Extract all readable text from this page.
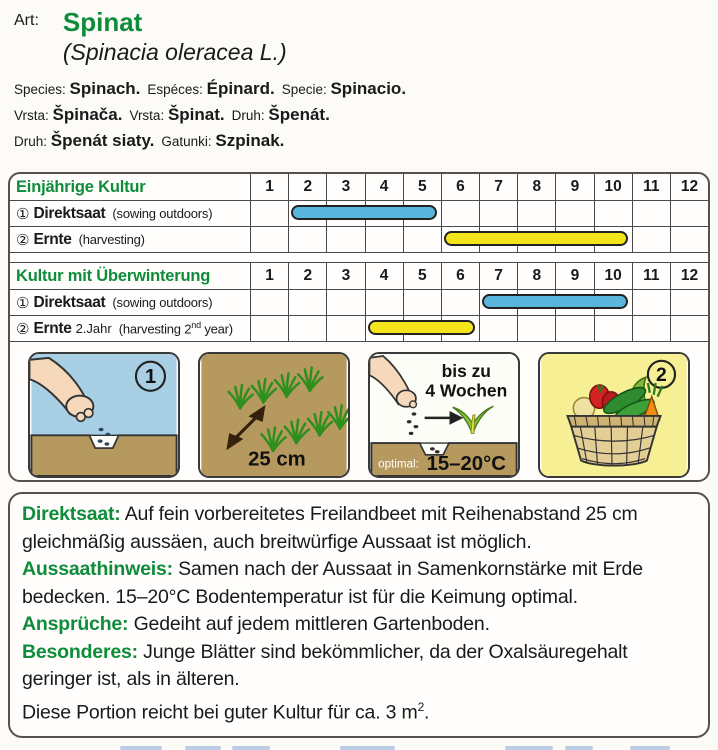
Art: Spinat
(Spinacia oleracea L.)
Species: Spinach. Espéces: Épinard. Specie: Spinacio.
Vrsta: Špinača. Vrsta: Špinat. Druh: Špenát.
Druh: Špenát siaty. Gatunki: Szpinak.
Einjährige Kultur	1	2	3	4	5	6	7	8	9	10	11	12
① Direktsaat (sowing outdoors)
② Ernte (harvesting)
Kultur mit Überwinterung	1	2	3	4	5	6	7	8	9	10	11	12
① Direktsaat (sowing outdoors)
② Ernte 2.Jahr (harvesting 2nd year)
1
25 cm
bis zu
4 Wochen
optimal: 15–20°C
2
Direktsaat: Auf fein vorbereitetes Freilandbeet mit Reihenabstand 25 cm gleichmäßig aussäen, auch breitwürfige Aussaat ist möglich.
Aussaathinweis: Samen nach der Aussaat in Samenkornstärke mit Erde bedecken. 15–20°C Bodentemperatur ist für die Keimung optimal.
Ansprüche: Gedeiht auf jedem mittleren Gartenboden.
Besonderes: Junge Blätter sind bekömmlicher, da der Oxalsäuregehalt geringer ist, als in älteren.
Diese Portion reicht bei guter Kultur für ca. 3 $m^2$.
